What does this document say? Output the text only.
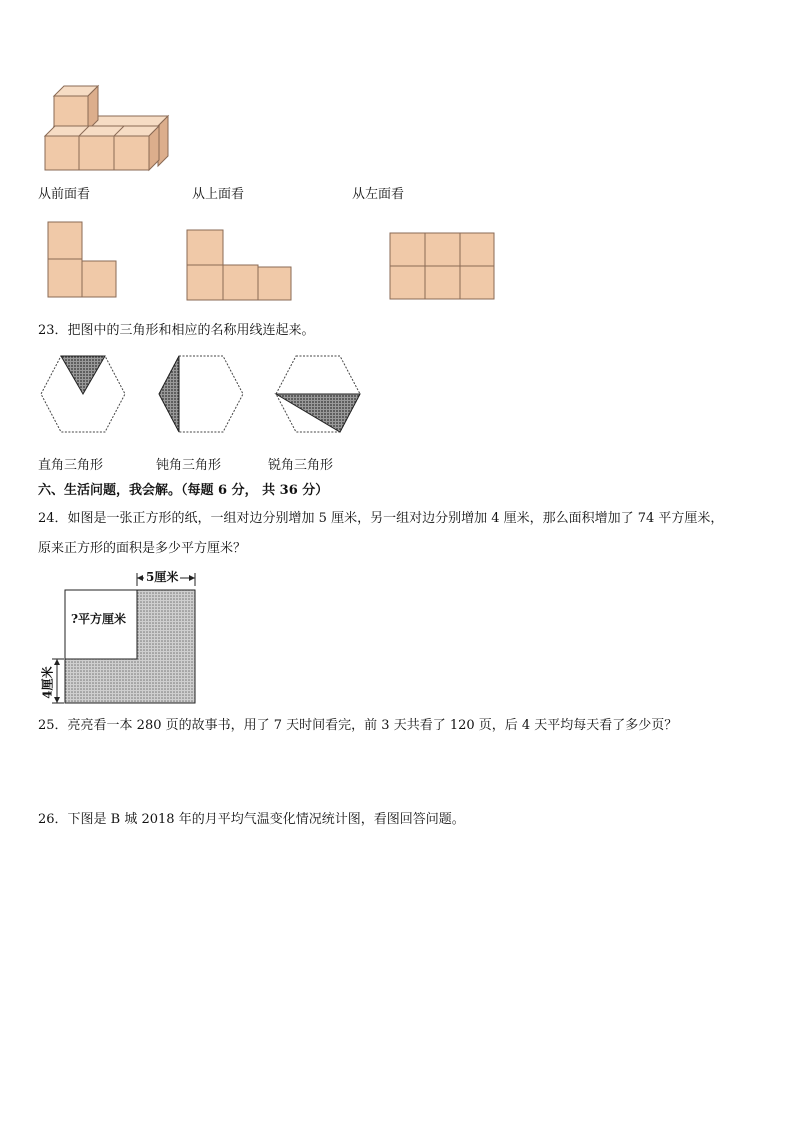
从前面看	从上面看	从左面看
23．把图中的三角形和相应的名称用线连起来。
直角三角形	钝角三角形	锐角三角形
六、生活问题，我会解。（每题 6 分， 共 36 分）
24．如图是一张正方形的纸，一组对边分别增加 5 厘米，另一组对边分别增加 4 厘米，那么面积增加了 74 平方厘米，
原来正方形的面积是多少平方厘米？
5厘米
?平方厘米
4厘米
25．亮亮看一本 280 页的故事书，用了 7 天时间看完，前 3 天共看了 120 页，后 4 天平均每天看了多少页？
26．下图是 B 城 2018 年的月平均气温变化情况统计图，看图回答问题。
